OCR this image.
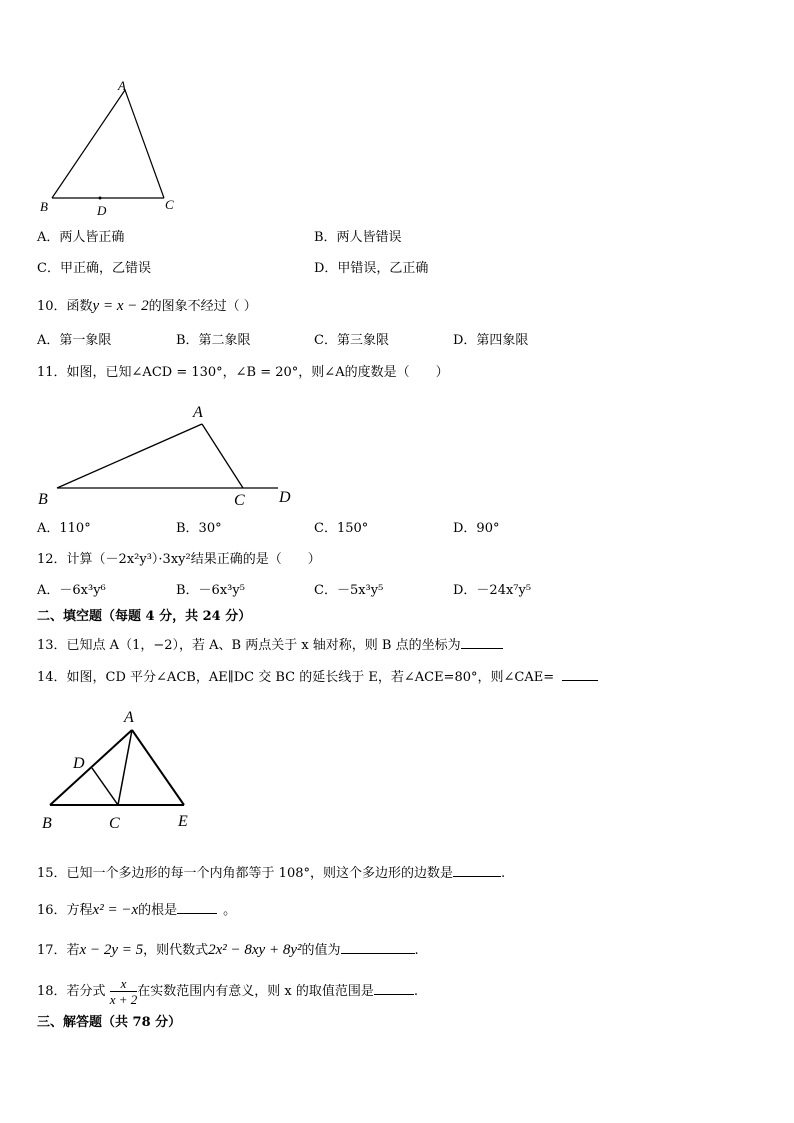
A
B	D	C
A．两人皆正确	B．两人皆错误
C．甲正确，乙错误	D．甲错误，乙正确
10．函数y = x − 2的图象不经过（ ）
A．第一象限	B．第二象限	C．第三象限	D．第四象限
11．如图，已知∠ACD = 130°，∠B = 20°，则∠A的度数是（　　）
A
B	C D
A．110°	B．30°	C．150°	D．90°
12．计算（－2x²y³）·3xy²结果正确的是（　　）
A．－6x³y⁶	B．－6x³y⁵	C．－5x³y⁵	D．－24x⁷y⁵
二、填空题（每题 4 分，共 24 分）
13．已知点 A（1，−2），若 A、B 两点关于 x 轴对称，则 B 点的坐标为
14．如图，CD 平分∠ACB，AE∥DC 交 BC 的延长线于 E，若∠ACE=80°，则∠CAE=
A
D
B	C	E
15．已知一个多边形的每一个内角都等于 108°，则这个多边形的边数是	.
16．方程x² = −x的根是	。
17．若x − 2y = 5，则代数式2x² − 8xy + 8y²的值为	.
18．若分式 $\frac{x}{x + 2}$ 在实数范围内有意义，则 x 的取值范围是	.
三、解答题（共 78 分）
